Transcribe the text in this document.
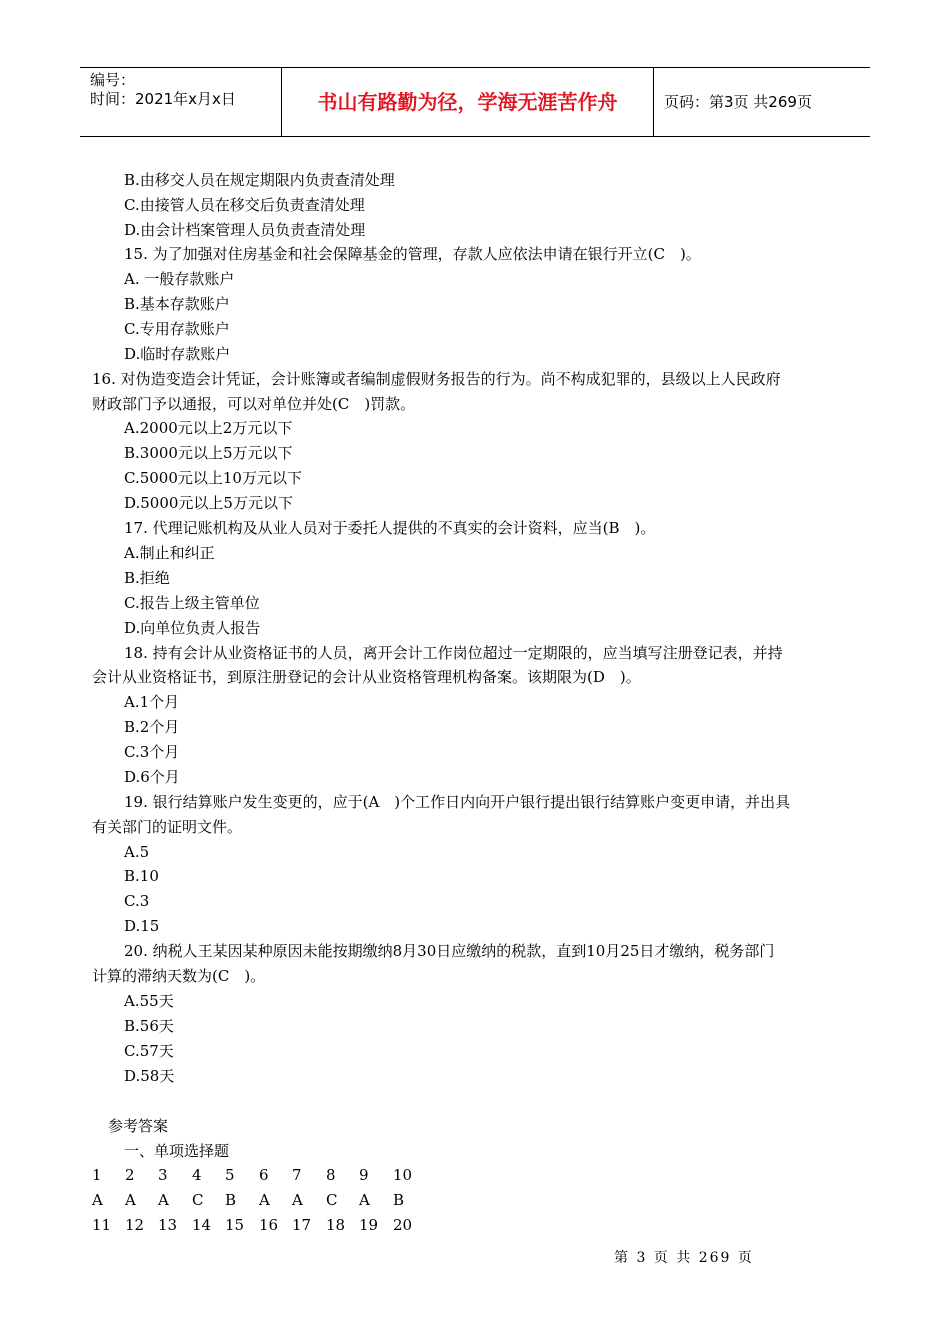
编号：
时间：2021年x月x日	书山有路勤为径，学海无涯苦作舟	页码：第3页 共269页
B.由移交人员在规定期限内负责查清处理
C.由接管人员在移交后负责查清处理
D.由会计档案管理人员负责查清处理
15. 为了加强对住房基金和社会保障基金的管理，存款人应依法申请在银行开立(C　)。
A. 一般存款账户
B.基本存款账户
C.专用存款账户
D.临时存款账户
16. 对伪造变造会计凭证，会计账簿或者编制虚假财务报告的行为。尚不构成犯罪的，县级以上人民政府
财政部门予以通报，可以对单位并处(C　)罚款。
A.2000元以上2万元以下
B.3000元以上5万元以下
C.5000元以上10万元以下
D.5000元以上5万元以下
17. 代理记账机构及从业人员对于委托人提供的不真实的会计资料，应当(B　)。
A.制止和纠正
B.拒绝
C.报告上级主管单位
D.向单位负责人报告
18. 持有会计从业资格证书的人员，离开会计工作岗位超过一定期限的，应当填写注册登记表，并持
会计从业资格证书，到原注册登记的会计从业资格管理机构备案。该期限为(D　)。
A.1个月
B.2个月
C.3个月
D.6个月
19. 银行结算账户发生变更的，应于(A　)个工作日内向开户银行提出银行结算账户变更申请，并出具
有关部门的证明文件。
A.5
B.10
C.3
D.15
20. 纳税人王某因某种原因未能按期缴纳8月30日应缴纳的税款，直到10月25日才缴纳，税务部门
计算的滞纳天数为(C　)。
A.55天
B.56天
C.57天
D.58天
参考答案
一、单项选择题
1 2 3 4 5 6 7 8 9 10
A A A C B A A C A B
11 12 13 14 15 16 17 18 19 20
第 3 页 共 269 页
